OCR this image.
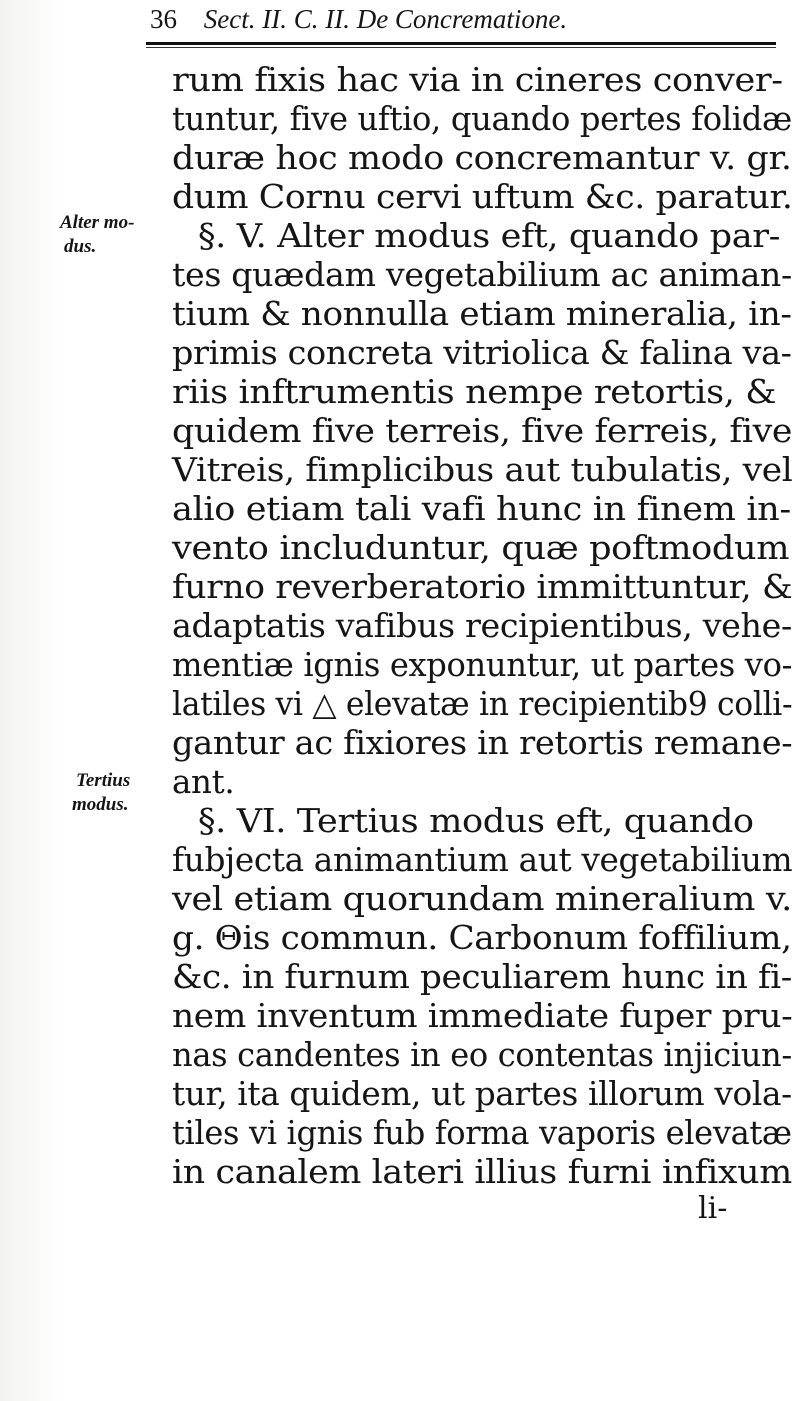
36 Sect. II. C. II. De Concrematione.
Alter mo-
dus.
Tertius
modus.
rum fixis hac via in cineres conver-
tuntur, five uftio, quando pertes folidæ
duræ hoc modo concremantur v. gr.
dum Cornu cervi uftum &c. paratur.
§. V. Alter modus eft, quando par-
tes quædam vegetabilium ac animan-
tium & nonnulla etiam mineralia, in-
primis concreta vitriolica & falina va-
riis inftrumentis nempe retortis, &
quidem five terreis, five ferreis, five
Vitreis, fimplicibus aut tubulatis, vel
alio etiam tali vafi hunc in finem in-
vento includuntur, quæ poftmodum
furno reverberatorio immittuntur, &
adaptatis vafibus recipientibus, vehe-
mentiæ ignis exponuntur, ut partes vo-
latiles vi △ elevatæ in recipientib9 colli-
gantur ac fixiores in retortis remane-
ant.
§. VI. Tertius modus eft, quando
fubjecta animantium aut vegetabilium
vel etiam quorundam mineralium v.
g. Θis commun. Carbonum foffilium,
&c. in furnum peculiarem hunc in fi-
nem inventum immediate fuper pru-
nas candentes in eo contentas injiciun-
tur, ita quidem, ut partes illorum vola-
tiles vi ignis fub forma vaporis elevatæ
in canalem lateri illius furni infixum
li-
